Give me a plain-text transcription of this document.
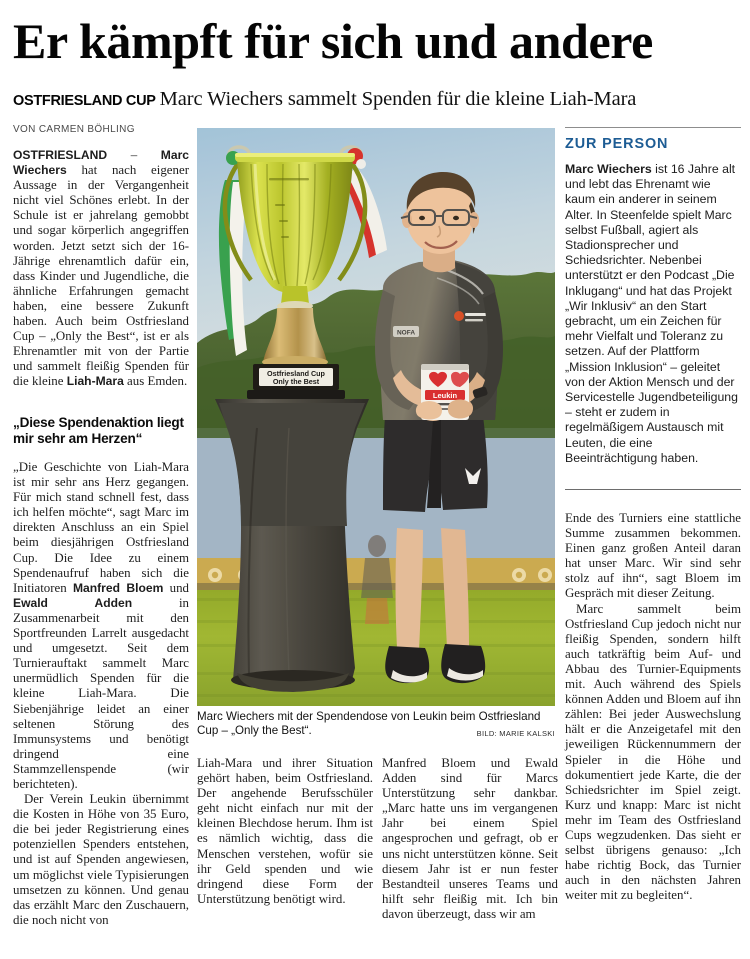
Er kämpft für sich und andere
OSTFRIESLAND CUP Marc Wiechers sammelt Spenden für die kleine Liah-Mara
VON CARMEN BÖHLING

OSTFRIESLAND – Marc Wiechers hat nach eigener Aussage in der Vergangenheit nicht viel Schönes erlebt. In der Schule ist er jahrelang gemobbt und sogar körperlich angegriffen worden. Jetzt setzt sich der 16-Jährige ehrenamtlich dafür ein, dass Kinder und Jugendliche, die ähnliche Erfahrungen gemacht haben, eine bessere Zukunft haben. Auch beim Ostfriesland Cup – „Only the Best“, ist er als Ehrenamtler mit von der Partie und sammelt fleißig Spenden für die kleine Liah-Mara aus Emden.

„Diese Spendenaktion liegt mir sehr am Herzen“

„Die Geschichte von Liah-Mara ist mir sehr ans Herz gegangen. Für mich stand schnell fest, dass ich helfen möchte“, sagt Marc im direkten Anschluss an ein Spiel beim diesjährigen Ostfriesland Cup. Die Idee zu einem Spendenaufruf haben sich die Initiatoren Manfred Bloem und Ewald Adden in Zusammenarbeit mit den Sportfreunden Larrelt ausgedacht und umgesetzt. Seit dem Turnierauftakt sammelt Marc unermüdlich Spenden für die kleine Liah-Mara. Die Siebenjährige leidet an einer seltenen Störung des Immunsystems und benötigt dringend eine Stammzellenspende (wir berichteten).

Der Verein Leukin übernimmt die Kosten in Höhe von 35 Euro, die bei jeder Registrierung eines potenziellen Spenders entstehen, und ist auf Spenden angewiesen, um möglichst viele Typisierungen umsetzen zu können. Und genau das erzählt Marc den Zuschauern, die noch nicht von

Ostfriesland Cup
Only the Best
NOFA
Leukin
Marc Wiechers mit der Spendendose von Leukin beim Ostfriesland Cup – „Only the Best“.	BILD: MARIE KALSKI

Liah-Mara und ihrer Situation gehört haben, beim Ostfriesland. Der angehende Berufsschüler geht nicht einfach nur mit der kleinen Blechdose herum. Ihm ist es nämlich wichtig, dass die Menschen verstehen, wofür sie ihr Geld spenden und wie dringend diese Form der Unterstützung benötigt wird.

Manfred Bloem und Ewald Adden sind für Marcs Unterstützung sehr dankbar. „Marc hatte uns im vergangenen Jahr bei einem Spiel angesprochen und gefragt, ob er uns nicht unterstützen könne. Seit diesem Jahr ist er nun fester Bestandteil unseres Teams und hilft sehr fleißig mit. Ich bin davon überzeugt, dass wir am

ZUR PERSON
Marc Wiechers ist 16 Jahre alt und lebt das Ehrenamt wie kaum ein anderer in seinem Alter. In Steenfelde spielt Marc selbst Fußball, agiert als Stadionsprecher und Schiedsrichter. Nebenbei unterstützt er den Podcast „Die Inklugang“ und hat das Projekt „Wir Inklusiv“ an den Start gebracht, um ein Zeichen für mehr Vielfalt und Toleranz zu setzen. Auf der Plattform „Mission Inklusion“ – geleitet von der Aktion Mensch und der Servicestelle Jugendbeteiligung – steht er zudem in regelmäßigem Austausch mit Leuten, die eine Beeinträchtigung haben.

Ende des Turniers eine stattliche Summe zusammen bekommen. Einen ganz großen Anteil daran hat unser Marc. Wir sind sehr stolz auf ihn“, sagt Bloem im Gespräch mit dieser Zeitung.

Marc sammelt beim Ostfriesland Cup jedoch nicht nur fleißig Spenden, sondern hilft auch tatkräftig beim Auf- und Abbau des Turnier-Equipments mit. Auch während des Spiels können Adden und Bloem auf ihn zählen: Bei jeder Auswechslung hält er die Anzeigetafel mit den jeweiligen Rückennummern der Spieler in die Höhe und dokumentiert jede Karte, die der Schiedsrichter im Spiel zeigt. Kurz und knapp: Marc ist nicht mehr im Team des Ostfriesland Cups wegzudenken. Das sieht er selbst übrigens genauso: „Ich habe richtig Bock, das Turnier auch in den nächsten Jahren weiter mit zu begleiten“.
